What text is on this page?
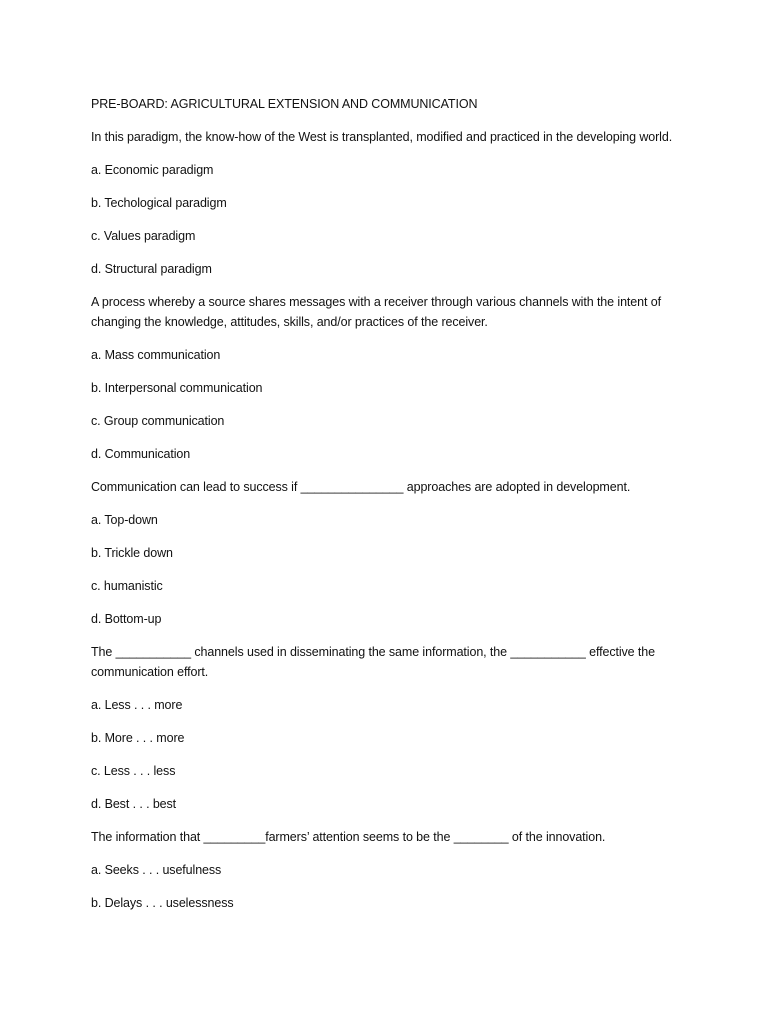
PRE-BOARD: AGRICULTURAL EXTENSION AND COMMUNICATION

In this paradigm, the know-how of the West is transplanted, modified and practiced in the developing world.

a. Economic paradigm

b. Techological paradigm

c. Values paradigm

d. Structural paradigm

A process whereby a source shares messages with a receiver through various channels with the intent of changing the knowledge, attitudes, skills, and/or practices of the receiver.

a. Mass communication

b. Interpersonal communication

c. Group communication

d. Communication

Communication can lead to success if _______________ approaches are adopted in development.

a. Top-down

b. Trickle down

c. humanistic

d. Bottom-up

The ___________ channels used in disseminating the same information, the ___________ effective the communication effort.

a. Less . . . more

b. More . . . more

c. Less . . . less

d. Best . . . best

The information that _________farmers’ attention seems to be the ________ of the innovation.

a. Seeks . . . usefulness

b. Delays . . . uselessness
